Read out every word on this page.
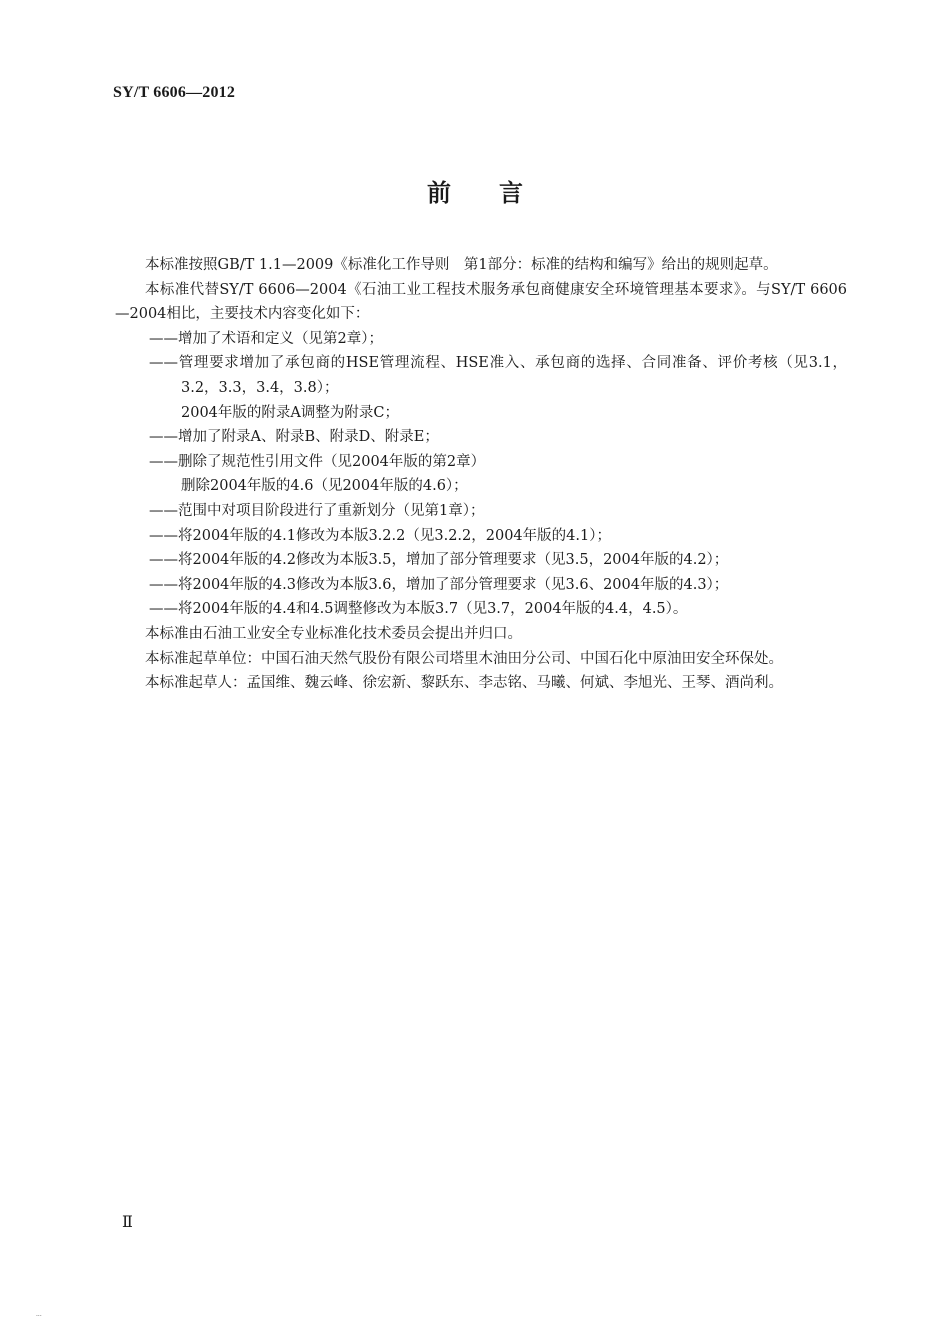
SY/T 6606—2012
前言

本标准按照GB/T 1.1—2009《标准化工作导则　第1部分：标准的结构和编写》给出的规则起草。

本标准代替SY/T 6606—2004《石油工业工程技术服务承包商健康安全环境管理基本要求》。与SY/T 6606—2004相比，主要技术内容变化如下：

——增加了术语和定义（见第2章）；

——管理要求增加了承包商的HSE管理流程、HSE准入、承包商的选择、合同准备、评价考核（见3.1，3.2，3.3，3.4，3.8）；

2004年版的附录A调整为附录C；

——增加了附录A、附录B、附录D、附录E；

——删除了规范性引用文件（见2004年版的第2章）

删除2004年版的4.6（见2004年版的4.6）；

——范围中对项目阶段进行了重新划分（见第1章）；

——将2004年版的4.1修改为本版3.2.2（见3.2.2，2004年版的4.1）；

——将2004年版的4.2修改为本版3.5，增加了部分管理要求（见3.5，2004年版的4.2）；

——将2004年版的4.3修改为本版3.6，增加了部分管理要求（见3.6、2004年版的4.3）；

——将2004年版的4.4和4.5调整修改为本版3.7（见3.7，2004年版的4.4，4.5）。

本标准由石油工业安全专业标准化技术委员会提出并归口。

本标准起草单位：中国石油天然气股份有限公司塔里木油田分公司、中国石化中原油田安全环保处。

本标准起草人：孟国维、魏云峰、徐宏新、黎跃东、李志铭、马曦、何斌、李旭光、王琴、酒尚利。

Ⅱ
...
